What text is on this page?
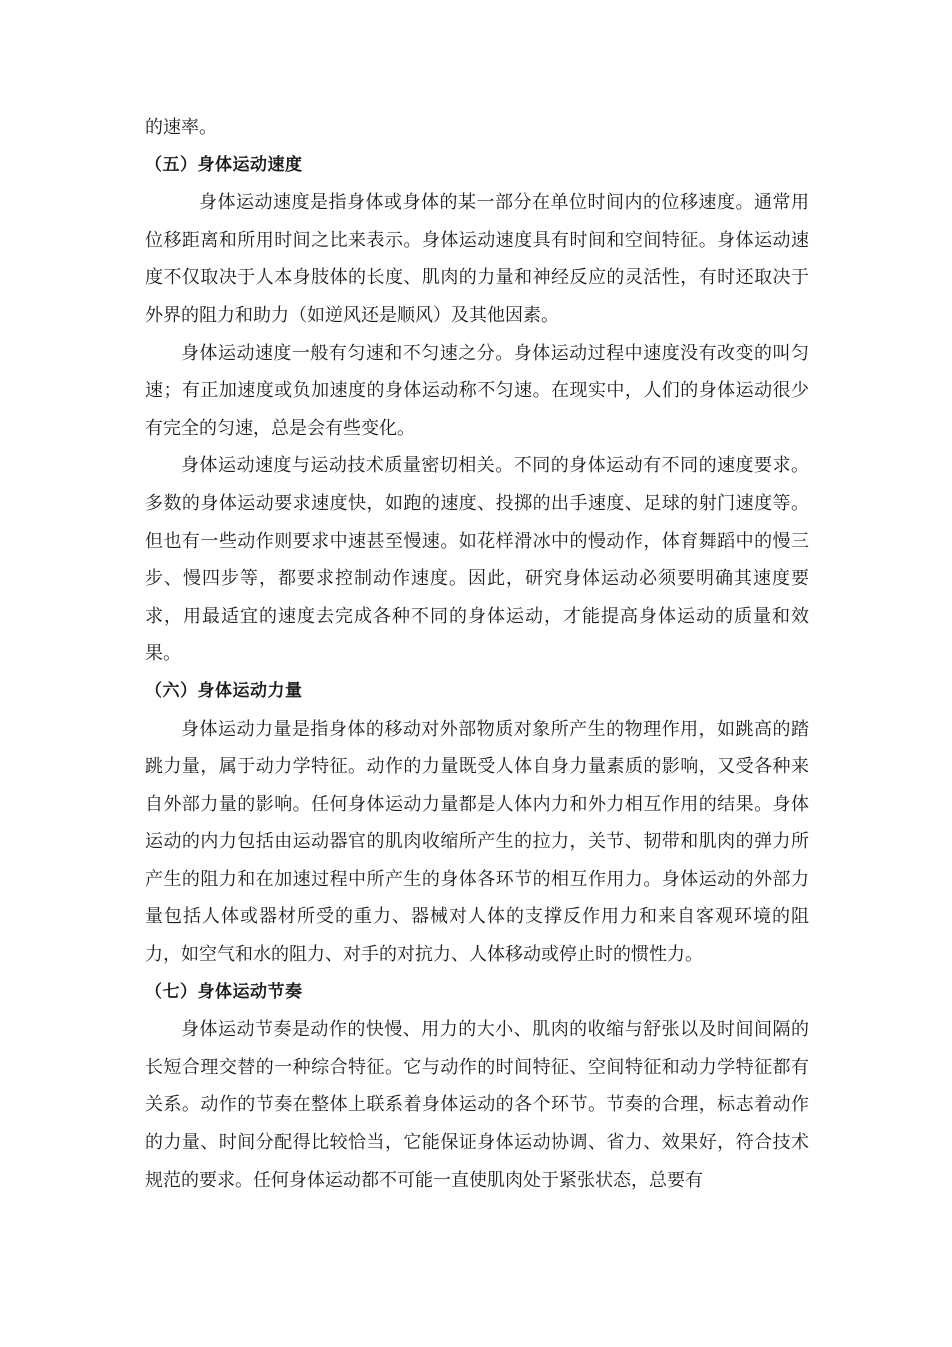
的速率。

（五）身体运动速度

身体运动速度是指身体或身体的某一部分在单位时间内的位移速度。通常用位移距离和所用时间之比来表示。身体运动速度具有时间和空间特征。身体运动速度不仅取决于人本身肢体的长度、肌肉的力量和神经反应的灵活性，有时还取决于外界的阻力和助力（如逆风还是顺风）及其他因素。

身体运动速度一般有匀速和不匀速之分。身体运动过程中速度没有改变的叫匀速；有正加速度或负加速度的身体运动称不匀速。在现实中，人们的身体运动很少有完全的匀速，总是会有些变化。

身体运动速度与运动技术质量密切相关。不同的身体运动有不同的速度要求。多数的身体运动要求速度快，如跑的速度、投掷的出手速度、足球的射门速度等。但也有一些动作则要求中速甚至慢速。如花样滑冰中的慢动作，体育舞蹈中的慢三步、慢四步等，都要求控制动作速度。因此，研究身体运动必须要明确其速度要求，用最适宜的速度去完成各种不同的身体运动，才能提高身体运动的质量和效果。

（六）身体运动力量

身体运动力量是指身体的移动对外部物质对象所产生的物理作用，如跳高的踏跳力量，属于动力学特征。动作的力量既受人体自身力量素质的影响，又受各种来自外部力量的影响。任何身体运动力量都是人体内力和外力相互作用的结果。身体运动的内力包括由运动器官的肌肉收缩所产生的拉力，关节、韧带和肌肉的弹力所产生的阻力和在加速过程中所产生的身体各环节的相互作用力。身体运动的外部力量包括人体或器材所受的重力、器械对人体的支撑反作用力和来自客观环境的阻力，如空气和水的阻力、对手的对抗力、人体移动或停止时的惯性力。

（七）身体运动节奏

身体运动节奏是动作的快慢、用力的大小、肌肉的收缩与舒张以及时间间隔的长短合理交替的一种综合特征。它与动作的时间特征、空间特征和动力学特征都有关系。动作的节奏在整体上联系着身体运动的各个环节。节奏的合理，标志着动作的力量、时间分配得比较恰当，它能保证身体运动协调、省力、效果好，符合技术规范的要求。任何身体运动都不可能一直使肌肉处于紧张状态，总要有
